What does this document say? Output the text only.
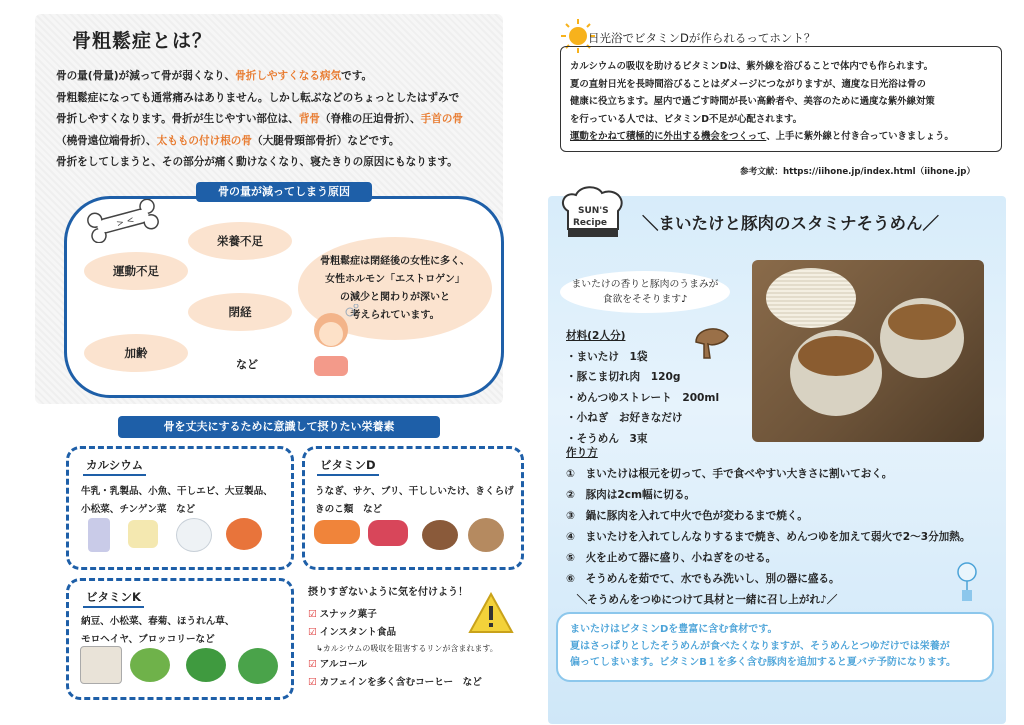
骨粗鬆症とは？
骨の量(骨量)が減って骨が弱くなり、骨折しやすくなる病気です。
骨粗鬆症になっても通常痛みはありません。しかし転ぶなどのちょっとしたはずみで
骨折しやすくなります。骨折が生じやすい部位は、背骨（脊椎の圧迫骨折）、手首の骨
（橈骨遠位端骨折）、太ももの付け根の骨（大腿骨頸部骨折）などです。
骨折をしてしまうと、その部分が痛く動けなくなり、寝たきりの原因にもなります。
骨の量が減ってしまう原因
> <
栄養不足
運動不足
閉経
加齢
など
骨粗鬆症は閉経後の女性に多く、
女性ホルモン「エストロゲン」
の減少と関わりが深いと
考えられています。
骨を丈夫にするために意識して摂りたい栄養素
カルシウム

牛乳・乳製品、小魚、干しエビ、大豆製品、

小松菜、チンゲン菜　など

ビタミンD

うなぎ、サケ、ブリ、干ししいたけ、きくらげ

きのこ類　など

ビタミンK

納豆、小松菜、春菊、ほうれん草、

モロヘイヤ、ブロッコリーなど

摂りすぎないように気を付けよう！
☑ スナック菓子
☑ インスタント食品
↳カルシウムの吸収を阻害するリンが含まれます。
☑ アルコール
☑ カフェインを多く含むコーヒー　など
日光浴でビタミンDが作られるってホント？
カルシウムの吸収を助けるビタミンDは、紫外線を浴びることで体内でも作られます。
夏の直射日光を長時間浴びることはダメージにつながりますが、適度な日光浴は骨の
健康に役立ちます。屋内で過ごす時間が長い高齢者や、美容のために過度な紫外線対策
を行っている人では、ビタミンD不足が心配されます。
運動をかねて積極的に外出する機会をつくって、上手に紫外線と付き合っていきましょう。
参考文献：https://iihone.jp/index.html（iihone.jp）
SUN'S
Recipe ＼まいたけと豚肉のスタミナそうめん／
まいたけの香りと豚肉のうまみが
食欲をそそります♪
材料(2人分)
・まいたけ　1袋
・豚こま切れ肉　120g
・めんつゆストレート　200ml
・小ねぎ　お好きなだけ
・そうめん　3束
作り方
①　まいたけは根元を切って、手で食べやすい大きさに割いておく。
②　豚肉は2cm幅に切る。
③　鍋に豚肉を入れて中火で色が変わるまで焼く。
④　まいたけを入れてしんなりするまで焼き、めんつゆを加えて弱火で2～3分加熱。
⑤　火を止めて器に盛り、小ねぎをのせる。
⑥　そうめんを茹でて、水でもみ洗いし、別の器に盛る。
　＼そうめんをつゆにつけて具材と一緒に召し上がれ♪／

まいたけはビタミンDを豊富に含む食材です。
夏はさっぱりとしたそうめんが食べたくなりますが、そうめんとつゆだけでは栄養が
偏ってしまいます。ビタミンB１を多く含む豚肉を追加すると夏バテ予防になります。
